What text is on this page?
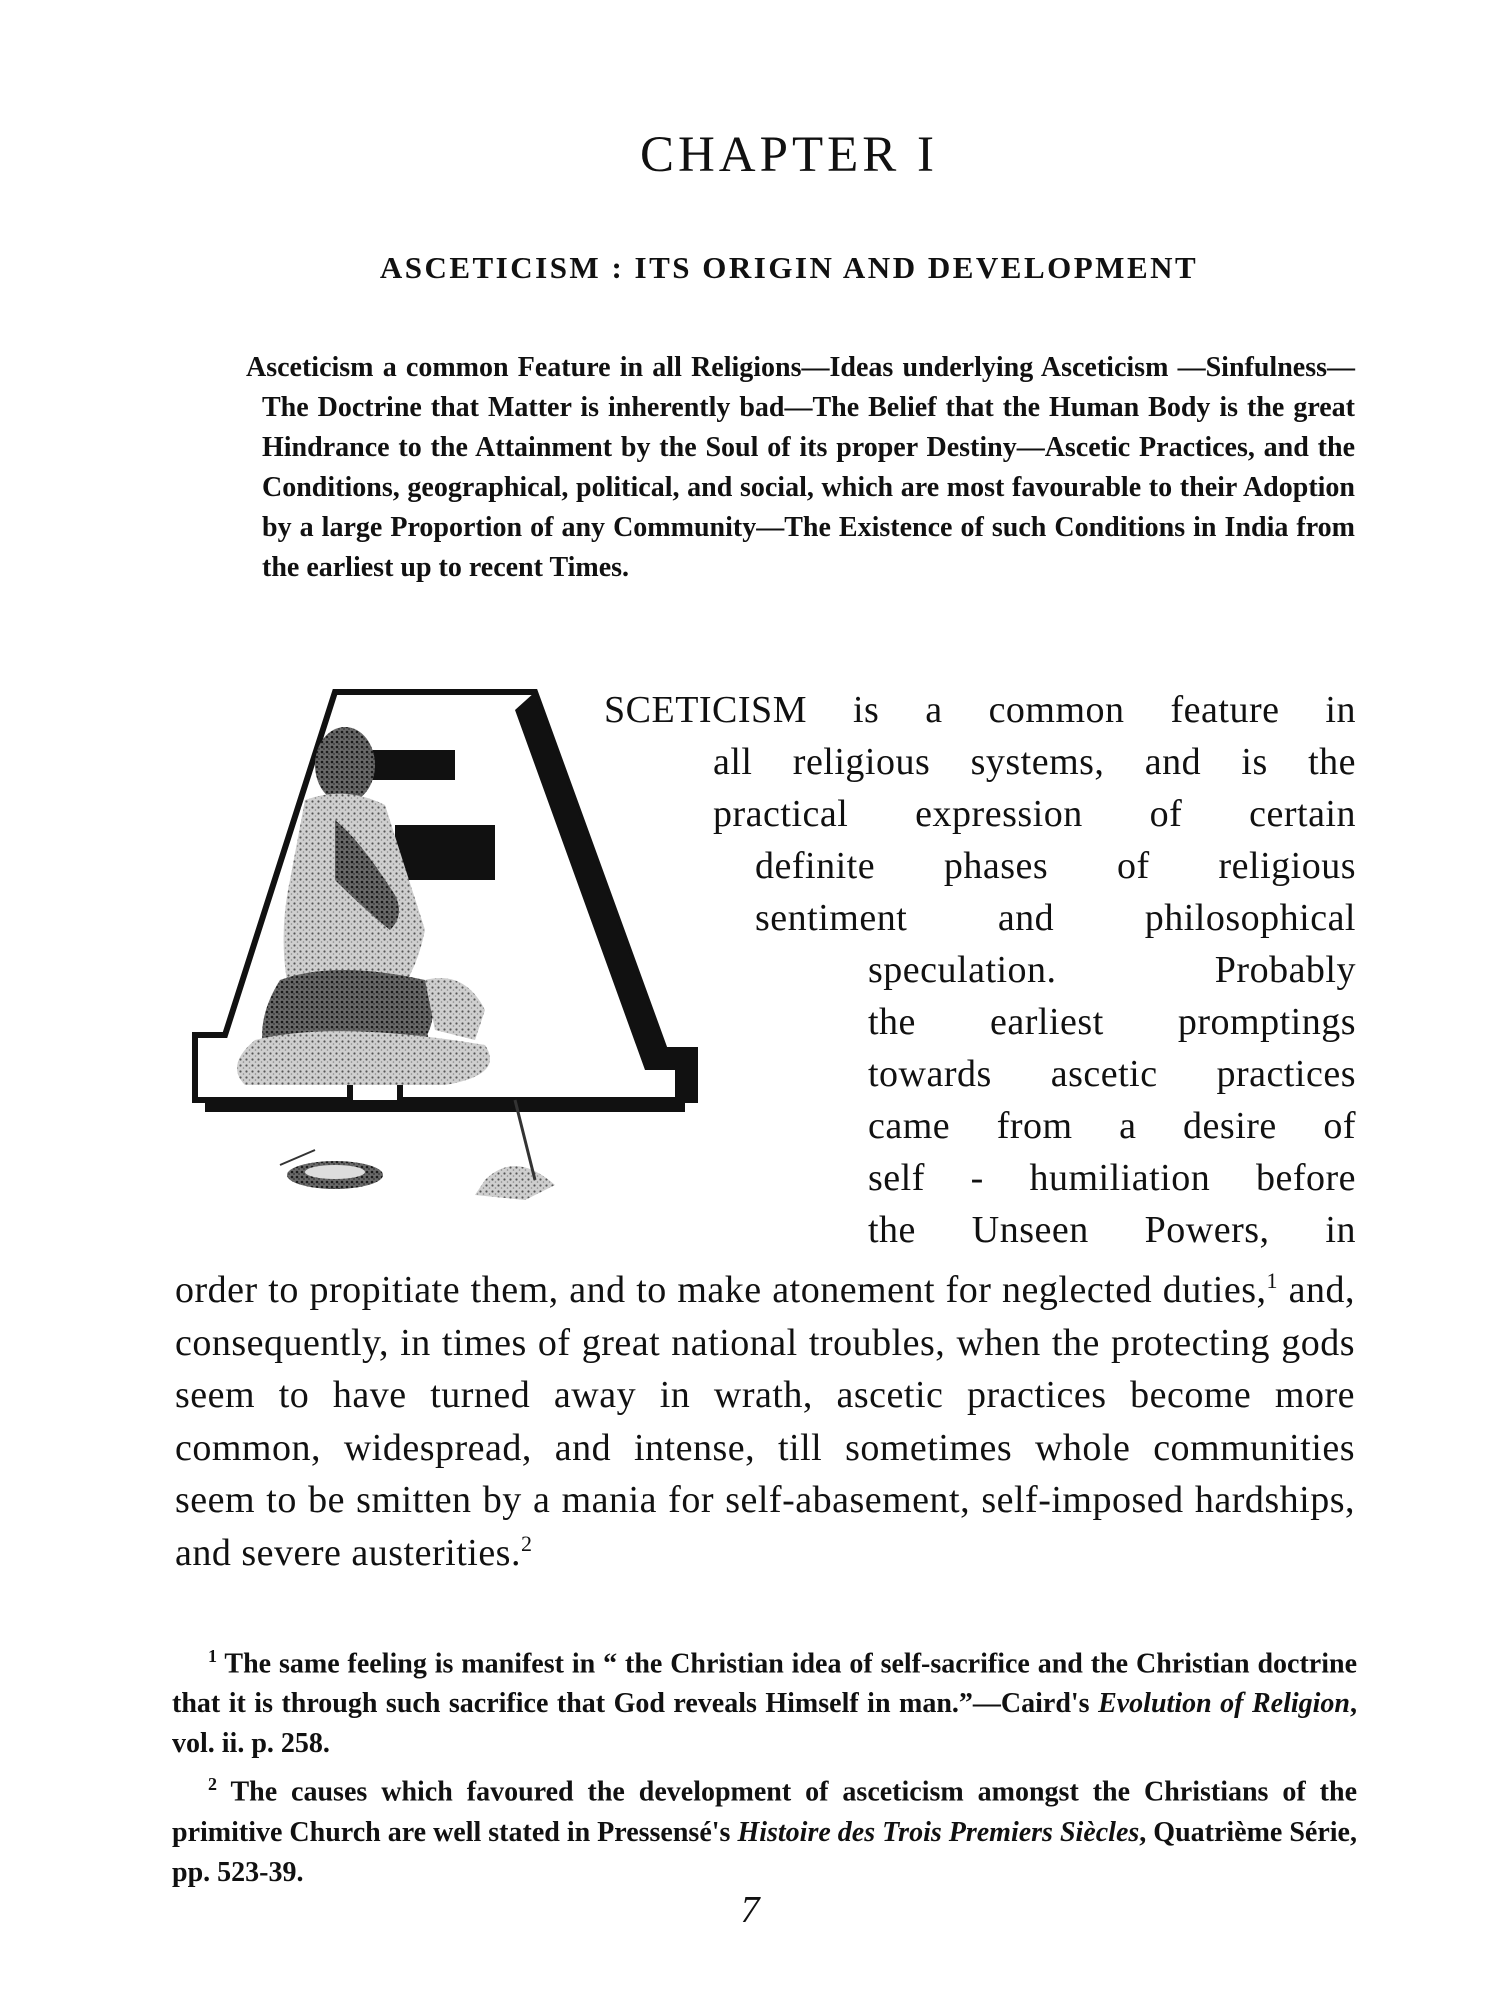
CHAPTER I
ASCETICISM : ITS ORIGIN AND DEVELOPMENT
Asceticism a common Feature in all Religions—Ideas underlying Asceticism —Sinfulness—The Doctrine that Matter is inherently bad—The Belief that the Human Body is the great Hindrance to the Attainment by the Soul of its proper Destiny—Ascetic Practices, and the Conditions, geographical, political, and social, which are most favourable to their Adoption by a large Proportion of any Community—The Existence of such Conditions in India from the earliest up to recent Times.
SCETICISM is a common feature in
all religious systems, and is the
practical expression of certain
definite phases of religious
sentiment and philosophical
speculation. Probably
the earliest promptings
towards ascetic practices
came from a desire of
self - humiliation before
the Unseen Powers, in
order to propitiate them, and to make atonement for neglected duties,$^1$ and, consequently, in times of great national troubles, when the protecting gods seem to have turned away in wrath, ascetic practices become more common, widespread, and intense, till sometimes whole communities seem to be smitten by a mania for self-abasement, self-imposed hardships, and severe austerities.$^2$

$^1$ The same feeling is manifest in “ the Christian idea of self-sacrifice and the Christian doctrine that it is through such sacrifice that God reveals Himself in man.”—Caird's Evolution of Religion, vol. ii. p. 258.

$^2$ The causes which favoured the development of asceticism amongst the Christians of the primitive Church are well stated in Pressensé's Histoire des Trois Premiers Siècles, Quatrième Série, pp. 523-39.

7
